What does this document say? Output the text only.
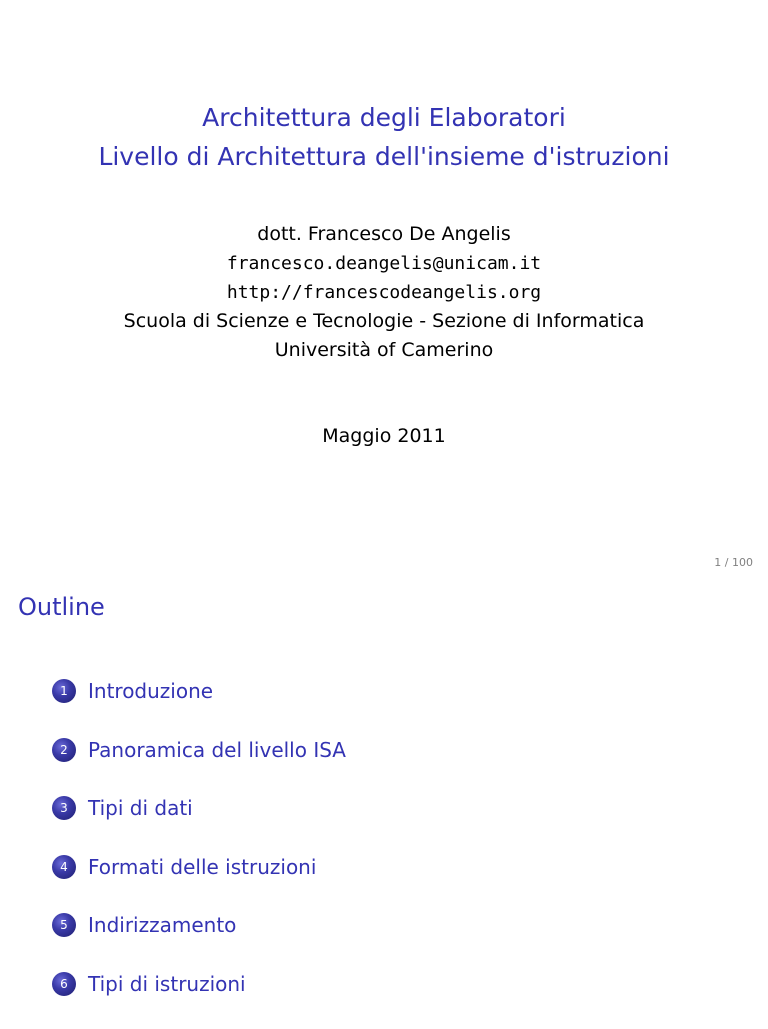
Architettura degli Elaboratori
Livello di Architettura dell'insieme d'istruzioni
dott. Francesco De Angelis
francesco.deangelis@unicam.it
http://francescodeangelis.org
Scuola di Scienze e Tecnologie - Sezione di Informatica
Università of Camerino
Maggio 2011
1 / 100
Outline
1	Introduzione
2	Panoramica del livello ISA
3	Tipi di dati
4	Formati delle istruzioni
5	Indirizzamento
6	Tipi di istruzioni
